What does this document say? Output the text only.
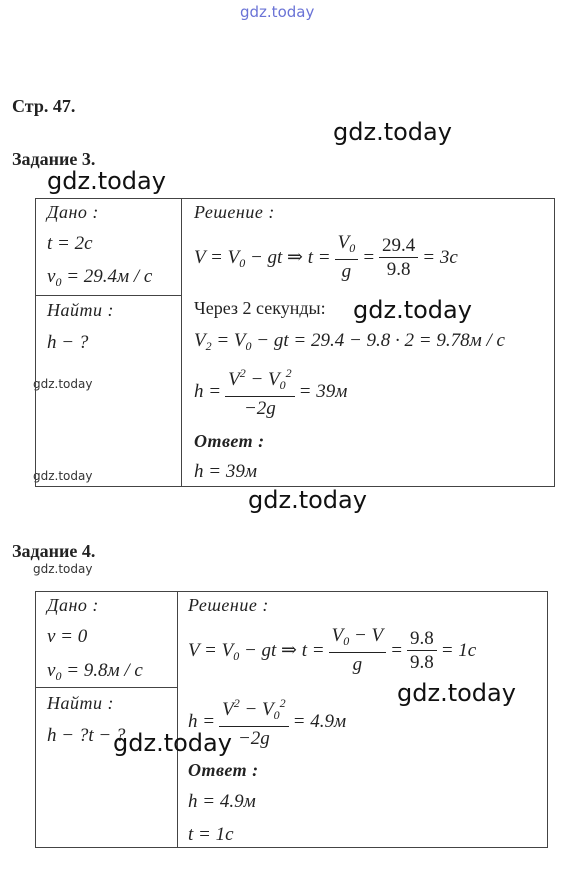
gdz.today
gdz.today
gdz.today
gdz.today
gdz.today
gdz.today
gdz.today
gdz.today
gdz.today
Стр. 47.
Задание 3.
Дано :
t = 2c
$v_0 = 29.4м / c$
Найти :
h − ?
Решение :
$V = V_0$ − gt ⇒ $t = \frac{V_0}{g} = \frac{29.4}{9.8} = 3c$
Через 2 секунды:
$V_2 = V_0$ − gt = 29.4 − 9.8 · 2 = 9.78м / c
$h = \frac{V^2 - V_0^2}{-2g} = 39м$
Ответ :
h = 39м
Задание 4.
Дано :
v = 0
$v_0 = 9.8м / c$
Найти :
h − ?t − ?
Решение :
$V = V_0$ − gt ⇒ $t = \frac{V_0 - V}{g} = \frac{9.8}{9.8} = 1c$
$h = \frac{V^2 - V_0^2}{-2g} = 4.9м$
Ответ :
h = 4.9м
t = 1c
gdz.today
